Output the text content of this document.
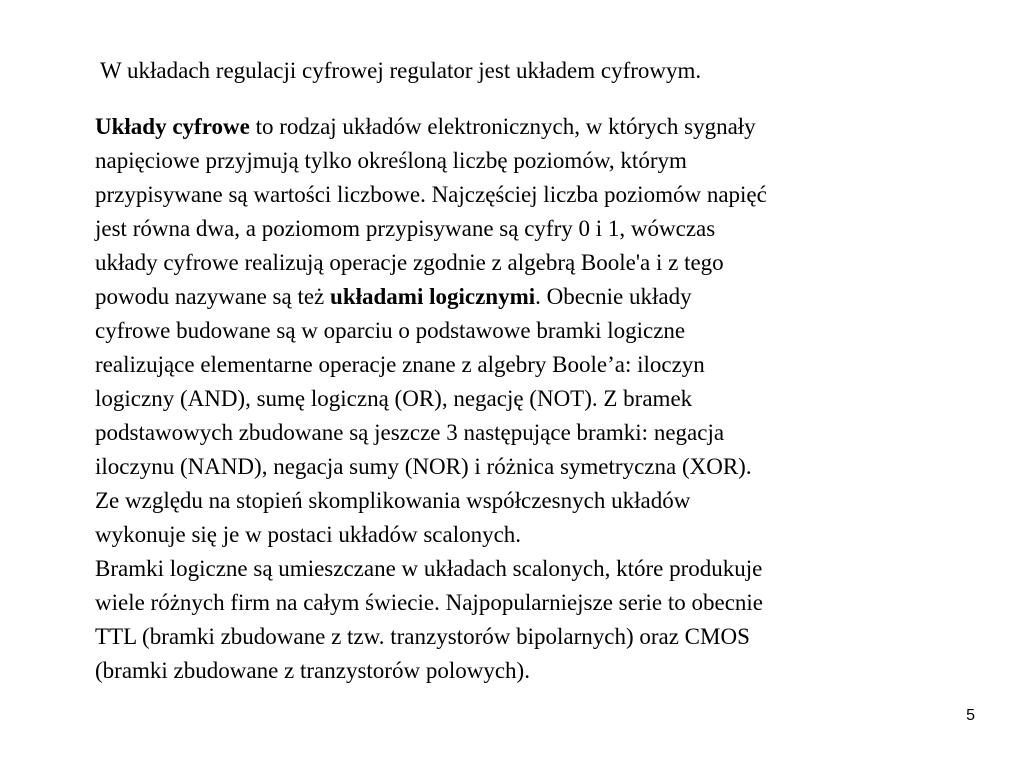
W układach regulacji cyfrowej regulator jest układem cyfrowym.

Układy cyfrowe to rodzaj układów elektronicznych, w których sygnały
napięciowe przyjmują tylko określoną liczbę poziomów, którym
przypisywane są wartości liczbowe. Najczęściej liczba poziomów napięć
jest równa dwa, a poziomom przypisywane są cyfry 0 i 1, wówczas
układy cyfrowe realizują operacje zgodnie z algebrą Boole'a i z tego
powodu nazywane są też układami logicznymi. Obecnie układy
cyfrowe budowane są w oparciu o podstawowe bramki logiczne
realizujące elementarne operacje znane z algebry Boole’a: iloczyn
logiczny (AND), sumę logiczną (OR), negację (NOT). Z bramek
podstawowych zbudowane są jeszcze 3 następujące bramki: negacja
iloczynu (NAND), negacja sumy (NOR) i różnica symetryczna (XOR).
Ze względu na stopień skomplikowania współczesnych układów
wykonuje się je w postaci układów scalonych.
Bramki logiczne są umieszczane w układach scalonych, które produkuje
wiele różnych firm na całym świecie. Najpopularniejsze serie to obecnie
TTL (bramki zbudowane z tzw. tranzystorów bipolarnych) oraz CMOS
(bramki zbudowane z tranzystorów polowych).
5
